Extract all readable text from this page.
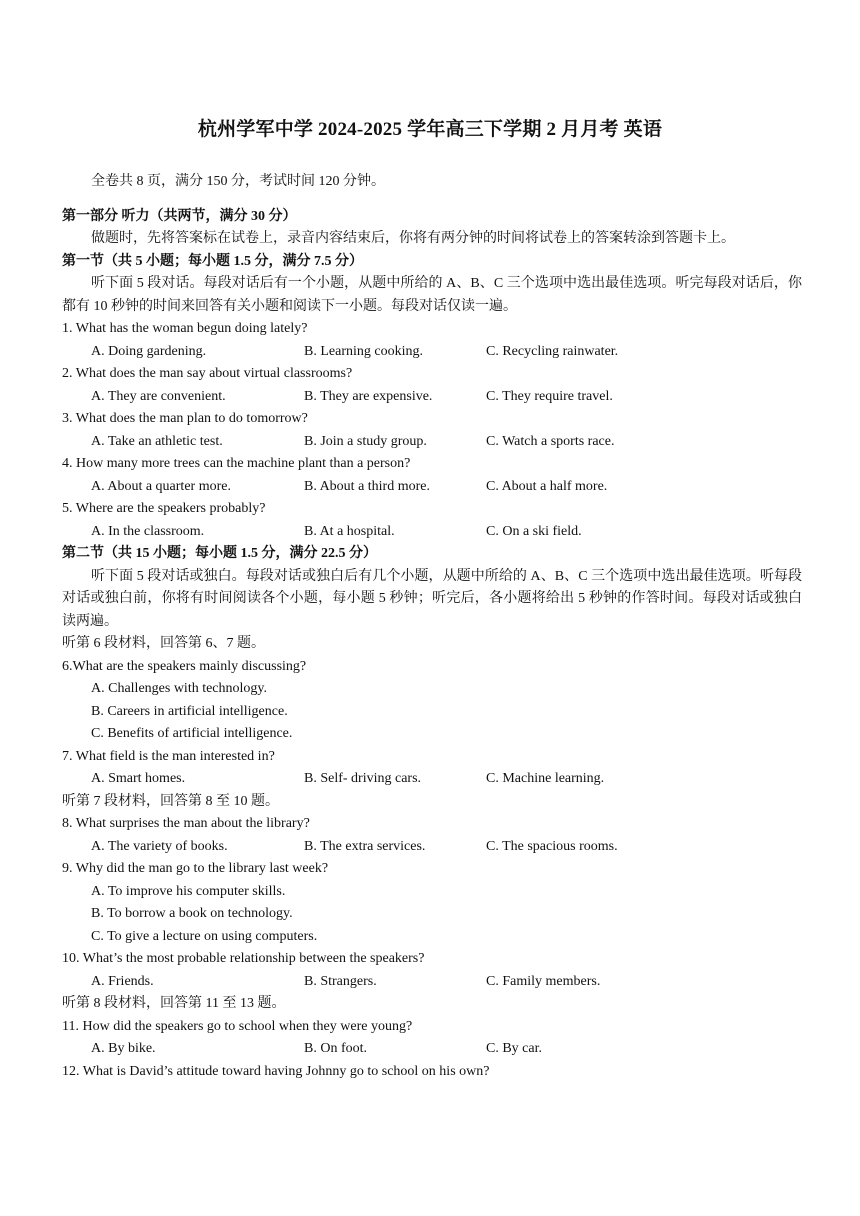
杭州学军中学 2024-2025 学年高三下学期 2 月月考 英语
全卷共 8 页，满分 150 分，考试时间 120 分钟。
第一部分 听力（共两节，满分 30 分）
做题时，先将答案标在试卷上，录音内容结束后，你将有两分钟的时间将试卷上的答案转涂到答题卡上。
第一节（共 5 小题；每小题 1.5 分，满分 7.5 分）
听下面 5 段对话。每段对话后有一个小题，从题中所给的 A、B、C 三个选项中选出最佳选项。听完每段对话后，你都有 10 秒钟的时间来回答有关小题和阅读下一小题。每段对话仅读一遍。
1. What has the woman begun doing lately?
A. Doing gardening.	B. Learning cooking.	C. Recycling rainwater.
2. What does the man say about virtual classrooms?
A. They are convenient.	B. They are expensive.	C. They require travel.
3. What does the man plan to do tomorrow?
A. Take an athletic test.	B. Join a study group.	C. Watch a sports race.
4. How many more trees can the machine plant than a person?
A. About a quarter more.	B. About a third more.	C. About a half more.
5. Where are the speakers probably?
A. In the classroom.	B. At a hospital.	C. On a ski field.
第二节（共 15 小题；每小题 1.5 分，满分 22.5 分）
听下面 5 段对话或独白。每段对话或独白后有几个小题，从题中所给的 A、B、C 三个选项中选出最佳选项。听每段对话或独白前，你将有时间阅读各个小题，每小题 5 秒钟；听完后，各小题将给出 5 秒钟的作答时间。每段对话或独白读两遍。
听第 6 段材料，回答第 6、7 题。
6.What are the speakers mainly discussing?
A. Challenges with technology.
B. Careers in artificial intelligence.
C. Benefits of artificial intelligence.
7. What field is the man interested in?
A. Smart homes.	B. Self- driving cars.	C. Machine learning.
听第 7 段材料，回答第 8 至 10 题。
8. What surprises the man about the library?
A. The variety of books.	B. The extra services.	C. The spacious rooms.
9. Why did the man go to the library last week?
A. To improve his computer skills.
B. To borrow a book on technology.
C. To give a lecture on using computers.
10. What’s the most probable relationship between the speakers?
A. Friends.	B. Strangers.	C. Family members.
听第 8 段材料，回答第 11 至 13 题。
11. How did the speakers go to school when they were young?
A. By bike.	B. On foot.	C. By car.
12. What is David’s attitude toward having Johnny go to school on his own?
